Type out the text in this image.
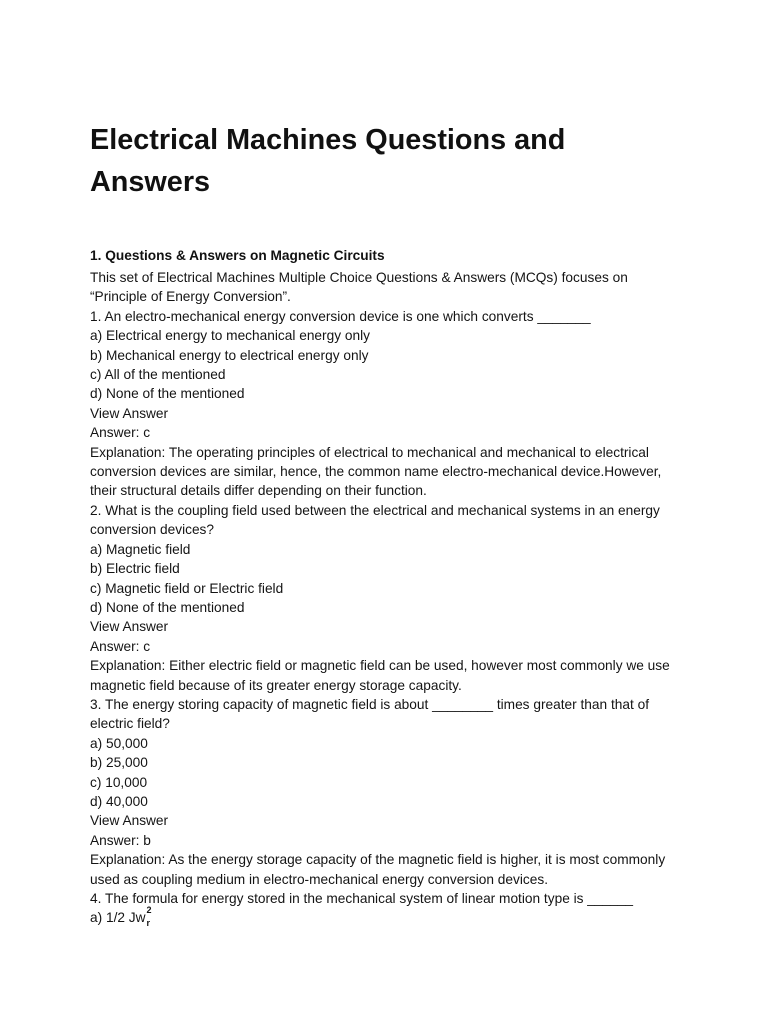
Electrical Machines Questions and Answers
1. Questions & Answers on Magnetic Circuits
This set of Electrical Machines Multiple Choice Questions & Answers (MCQs) focuses on
“Principle of Energy Conversion”.
1. An electro-mechanical energy conversion device is one which converts _______
a) Electrical energy to mechanical energy only
b) Mechanical energy to electrical energy only
c) All of the mentioned
d) None of the mentioned
View Answer
Answer: c
Explanation: The operating principles of electrical to mechanical and mechanical to electrical
conversion devices are similar, hence, the common name electro-mechanical device.However,
their structural details differ depending on their function.
2. What is the coupling field used between the electrical and mechanical systems in an energy
conversion devices?
a) Magnetic field
b) Electric field
c) Magnetic field or Electric field
d) None of the mentioned
View Answer
Answer: c
Explanation: Either electric field or magnetic field can be used, however most commonly we use
magnetic field because of its greater energy storage capacity.
3. The energy storing capacity of magnetic field is about ________ times greater than that of
electric field?
a) 50,000
b) 25,000
c) 10,000
d) 40,000
View Answer
Answer: b
Explanation: As the energy storage capacity of the magnetic field is higher, it is most commonly
used as coupling medium in electro-mechanical energy conversion devices.
4. The formula for energy stored in the mechanical system of linear motion type is ______
a) 1/2 Jw 2
r
